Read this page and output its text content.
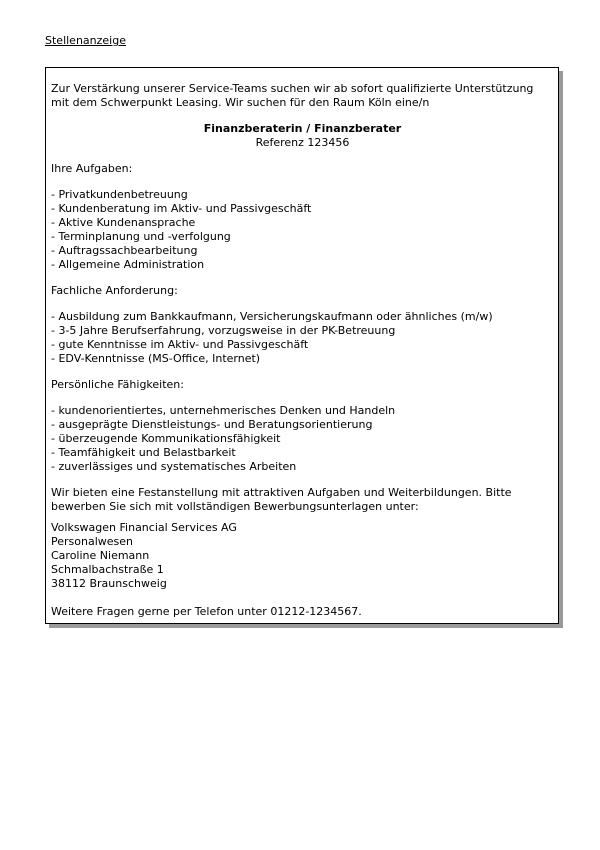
Stellenanzeige

Zur Verstärkung unserer Service-Teams suchen wir ab sofort qualifizierte Unterstützung mit dem Schwerpunkt Leasing. Wir suchen für den Raum Köln eine/n

Finanzberaterin / Finanzberater
Referenz 123456

Ihre Aufgaben:

- Privatkundenbetreuung
- Kundenberatung im Aktiv- und Passivgeschäft
- Aktive Kundenansprache
- Terminplanung und -verfolgung
- Auftragssachbearbeitung
- Allgemeine Administration

Fachliche Anforderung:

- Ausbildung zum Bankkaufmann, Versicherungskaufmann oder ähnliches (m/w)
- 3-5 Jahre Berufserfahrung, vorzugsweise in der PK-Betreuung
- gute Kenntnisse im Aktiv- und Passivgeschäft
- EDV-Kenntnisse (MS-Office, Internet)

Persönliche Fähigkeiten:

- kundenorientiertes, unternehmerisches Denken und Handeln
- ausgeprägte Dienstleistungs- und Beratungsorientierung
- überzeugende Kommunikationsfähigkeit
- Teamfähigkeit und Belastbarkeit
- zuverlässiges und systematisches Arbeiten

Wir bieten eine Festanstellung mit attraktiven Aufgaben und Weiterbildungen. Bitte bewerben Sie sich mit vollständigen Bewerbungsunterlagen unter:

Volkswagen Financial Services AG
Personalwesen
Caroline Niemann
Schmalbachstraße 1
38112 Braunschweig

Weitere Fragen gerne per Telefon unter 01212-1234567.
